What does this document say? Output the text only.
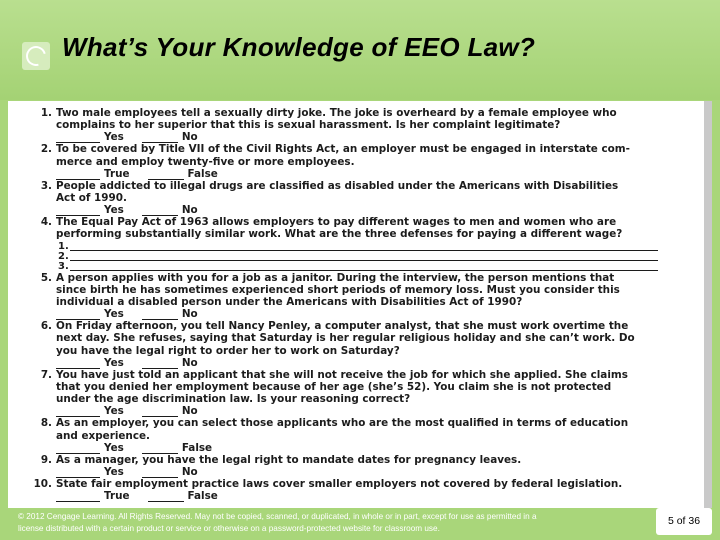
What’s Your Knowledge of EEO Law?
1. Two male employees tell a sexually dirty joke. The joke is overheard by a female employee who
complains to her superior that this is sexual harassment. Is her complaint legitimate?
Yes	No
2. To be covered by Title VII of the Civil Rights Act, an employer must be engaged in interstate com-
merce and employ twenty-five or more employees.
True	False
3. People addicted to illegal drugs are classified as disabled under the Americans with Disabilities
Act of 1990.
Yes	No
4. The Equal Pay Act of 1963 allows employers to pay different wages to men and women who are
performing substantially similar work. What are the three defenses for paying a different wage?
1.
2.
3.
5. A person applies with you for a job as a janitor. During the interview, the person mentions that
since birth he has sometimes experienced short periods of memory loss. Must you consider this
individual a disabled person under the Americans with Disabilities Act of 1990?
Yes	No
6. On Friday afternoon, you tell Nancy Penley, a computer analyst, that she must work overtime the
next day. She refuses, saying that Saturday is her regular religious holiday and she can’t work. Do
you have the legal right to order her to work on Saturday?
Yes	No
7. You have just told an applicant that she will not receive the job for which she applied. She claims
that you denied her employment because of her age (she’s 52). You claim she is not protected
under the age discrimination law. Is your reasoning correct?
Yes	No
8. As an employer, you can select those applicants who are the most qualified in terms of education
and experience.
Yes	False
9. As a manager, you have the legal right to mandate dates for pregnancy leaves.
Yes	No
10. State fair employment practice laws cover smaller employers not covered by federal legislation.
True	False
© 2012 Cengage Learning. All Rights Reserved. May not be copied, scanned, or duplicated, in whole or in part, except for use as permitted in a license distributed with a certain product or service or otherwise on a password-protected website for classroom use.
5 of 36
